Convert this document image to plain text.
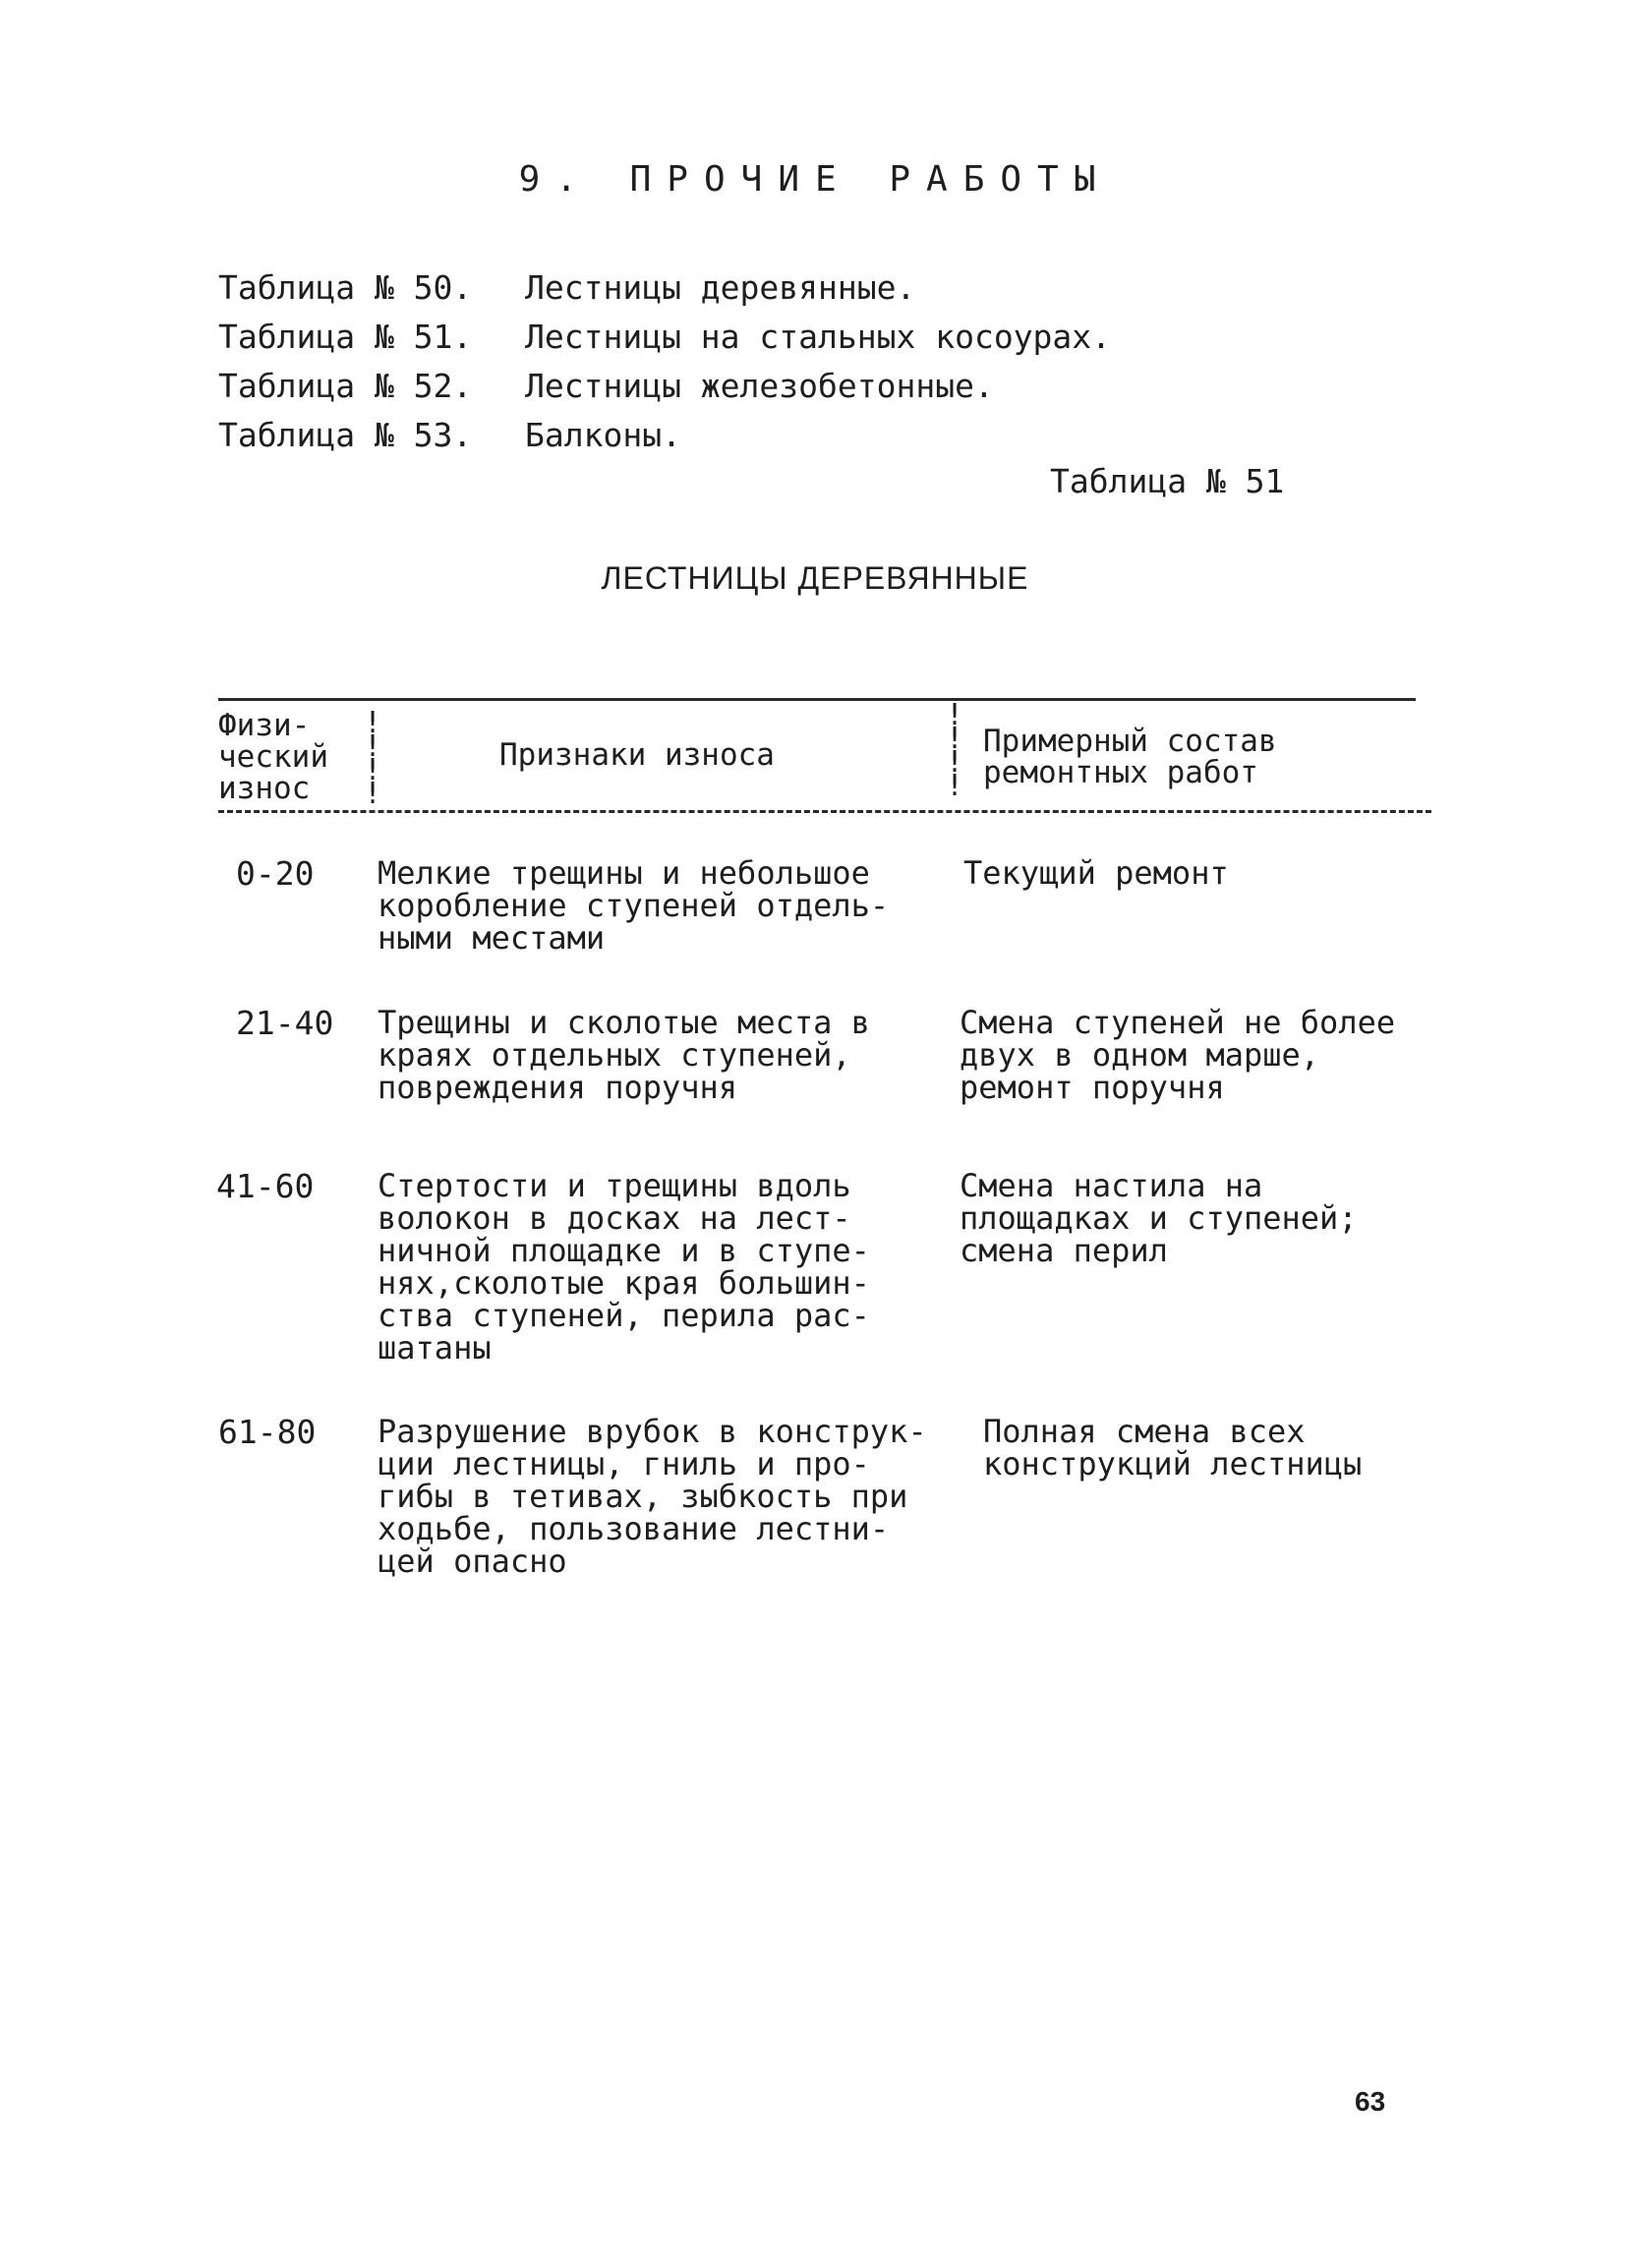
9. ПРОЧИЕ РАБОТЫ
Таблица № 50. Лестницы деревянные.
Таблица № 51. Лестницы на стальных косоурах.
Таблица № 52. Лестницы железобетонные.
Таблица № 53. Балконы.
Таблица № 51
ЛЕСТНИЦЫ ДЕРЕВЯННЫЕ
!
!
!
!
!
!
!
!
Физи-
ческий
износ
Признаки износа	Примерный состав
ремонтных работ
0-20 Мелкие трещины и небольшое
коробление ступеней отдель-
ными местами
Текущий ремонт
21-40 Трещины и сколотые места в
краях отдельных ступеней,
повреждения поручня
Смена ступеней не более
двух в одном марше,
ремонт поручня
41-60 Стертости и трещины вдоль
волокон в досках на лест-
ничной площадке и в ступе-
нях,сколотые края большин-
ства ступеней, перила рас-
шатаны
Смена настила на
площадках и ступеней;
смена перил
61-80 Разрушение врубок в конструк-
ции лестницы, гниль и про-
гибы в тетивах, зыбкость при
ходьбе, пользование лестни-
цей опасно
Полная смена всех
конструкций лестницы
63
